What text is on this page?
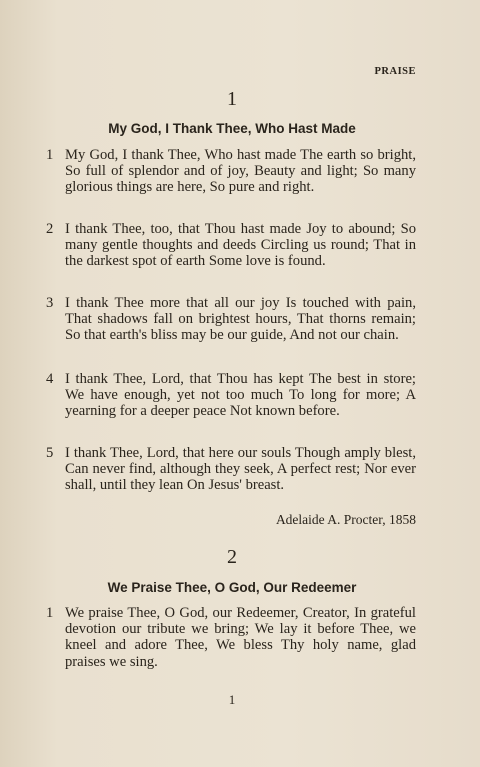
PRAISE
1
My God, I Thank Thee, Who Hast Made
1 My God, I thank Thee, Who hast made The earth so bright, So full of splendor and of joy, Beauty and light; So many glorious things are here, So pure and right.
2 I thank Thee, too, that Thou hast made Joy to abound; So many gentle thoughts and deeds Circling us round; That in the darkest spot of earth Some love is found.
3 I thank Thee more that all our joy Is touched with pain, That shadows fall on brightest hours, That thorns remain; So that earth's bliss may be our guide, And not our chain.
4 I thank Thee, Lord, that Thou has kept The best in store; We have enough, yet not too much To long for more; A yearning for a deeper peace Not known before.
5 I thank Thee, Lord, that here our souls Though amply blest, Can never find, although they seek, A perfect rest; Nor ever shall, until they lean On Jesus' breast.
Adelaide A. Procter, 1858
2
We Praise Thee, O God, Our Redeemer
1 We praise Thee, O God, our Redeemer, Creator, In grateful devotion our tribute we bring; We lay it before Thee, we kneel and adore Thee, We bless Thy holy name, glad praises we sing.
1
